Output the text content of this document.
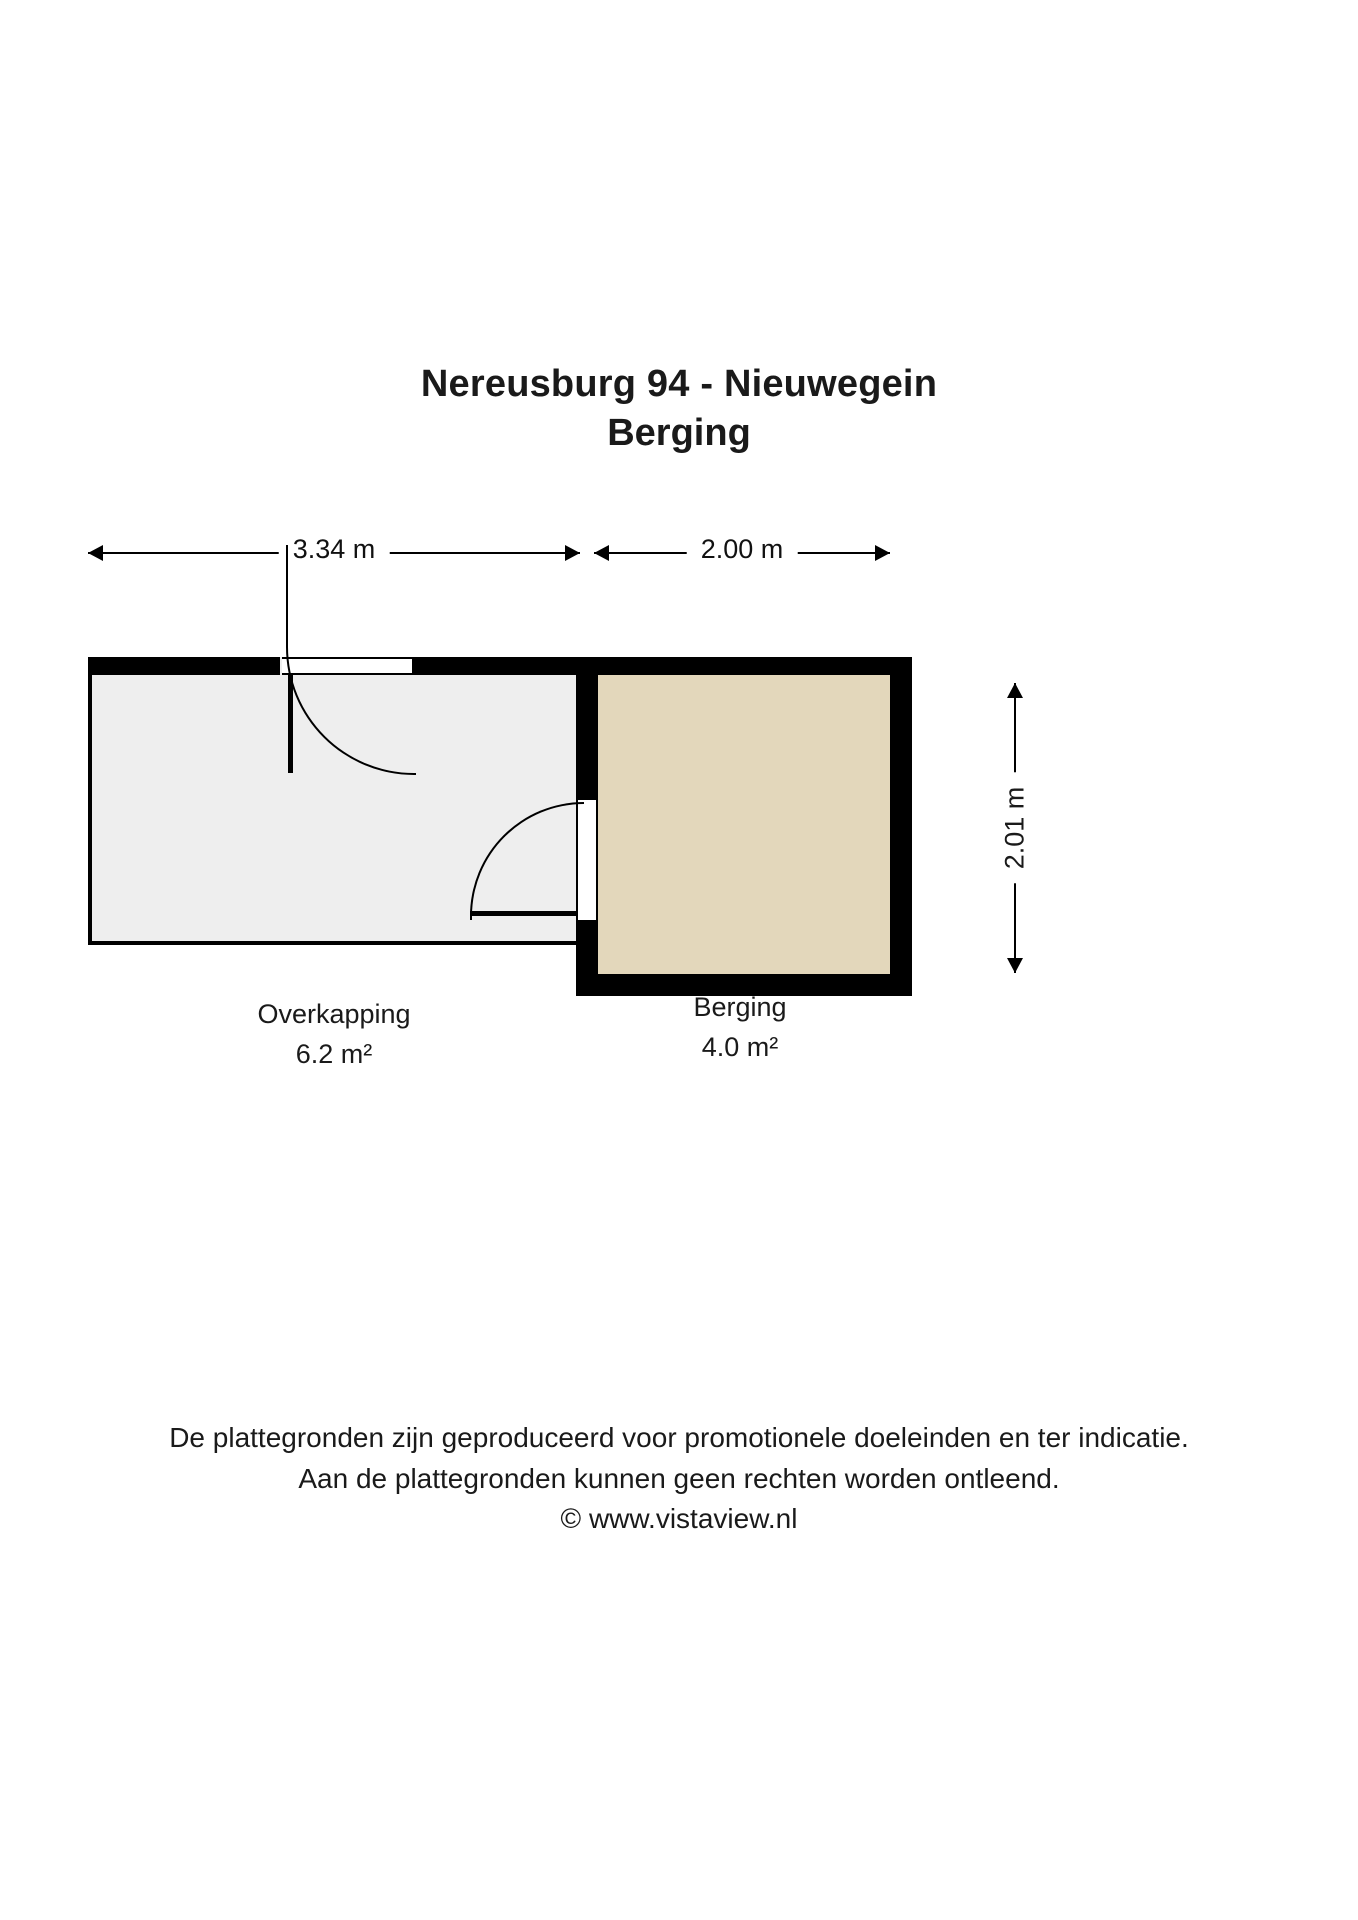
Nereusburg 94 - Nieuwegein
Berging
3.34 m	2.00 m
2.01 m
Overkapping
6.2 m²
Berging
4.0 m²
De plattegronden zijn geproduceerd voor promotionele doeleinden en ter indicatie.
Aan de plattegronden kunnen geen rechten worden ontleend.
© www.vistaview.nl
